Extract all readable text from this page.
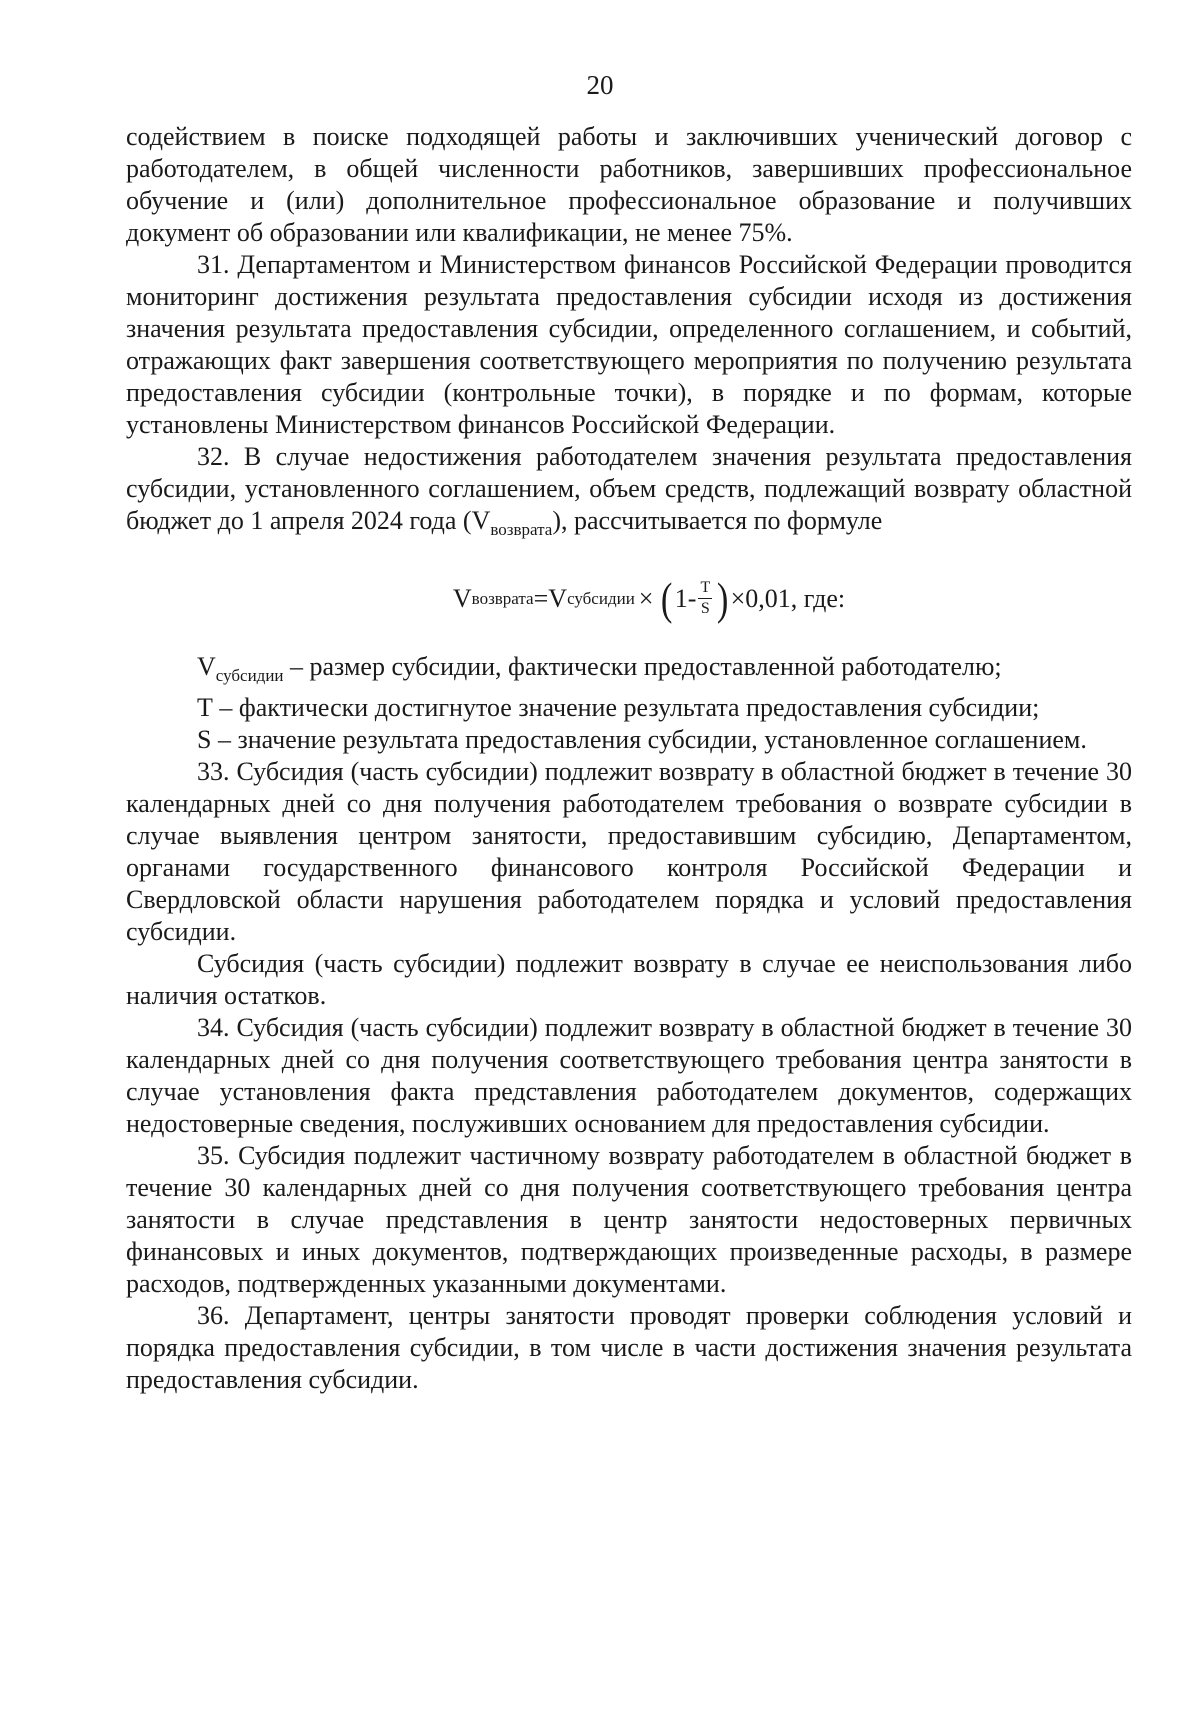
20

содействием в поиске подходящей работы и заключивших ученический договор с работодателем, в общей численности работников, завершивших профессиональное обучение и (или) дополнительное профессиональное образование и получивших документ об образовании или квалификации, не менее 75%.

31. Департаментом и Министерством финансов Российской Федерации проводится мониторинг достижения результата предоставления субсидии исходя из достижения значения результата предоставления субсидии, определенного соглашением, и событий, отражающих факт завершения соответствующего мероприятия по получению результата предоставления субсидии (контрольные точки), в порядке и по формам, которые установлены Министерством финансов Российской Федерации.

32. В случае недостижения работодателем значения результата предоставления субсидии, установленного соглашением, объем средств, подлежащий возврату областной бюджет до 1 апреля 2024 года $(V_{возврата})$, рассчитывается по формуле

V возврата = V субсидии × ( $1- \frac{T}{S}$ ) ×0,01, где:

$V_{субсидии}$ – размер субсидии, фактически предоставленной работодателю;

Т – фактически достигнутое значение результата предоставления субсидии;

S – значение результата предоставления субсидии, установленное соглашением.

33. Субсидия (часть субсидии) подлежит возврату в областной бюджет в течение 30 календарных дней со дня получения работодателем требования о возврате субсидии в случае выявления центром занятости, предоставившим субсидию, Департаментом, органами государственного финансового контроля Российской Федерации и Свердловской области нарушения работодателем порядка и условий предоставления субсидии.

Субсидия (часть субсидии) подлежит возврату в случае ее неиспользования либо наличия остатков.

34. Субсидия (часть субсидии) подлежит возврату в областной бюджет в течение 30 календарных дней со дня получения соответствующего требования центра занятости в случае установления факта представления работодателем документов, содержащих недостоверные сведения, послуживших основанием для предоставления субсидии.

35. Субсидия подлежит частичному возврату работодателем в областной бюджет в течение 30 календарных дней со дня получения соответствующего требования центра занятости в случае представления в центр занятости недостоверных первичных финансовых и иных документов, подтверждающих произведенные расходы, в размере расходов, подтвержденных указанными документами.

36. Департамент, центры занятости проводят проверки соблюдения условий и порядка предоставления субсидии, в том числе в части достижения значения результата предоставления субсидии.
